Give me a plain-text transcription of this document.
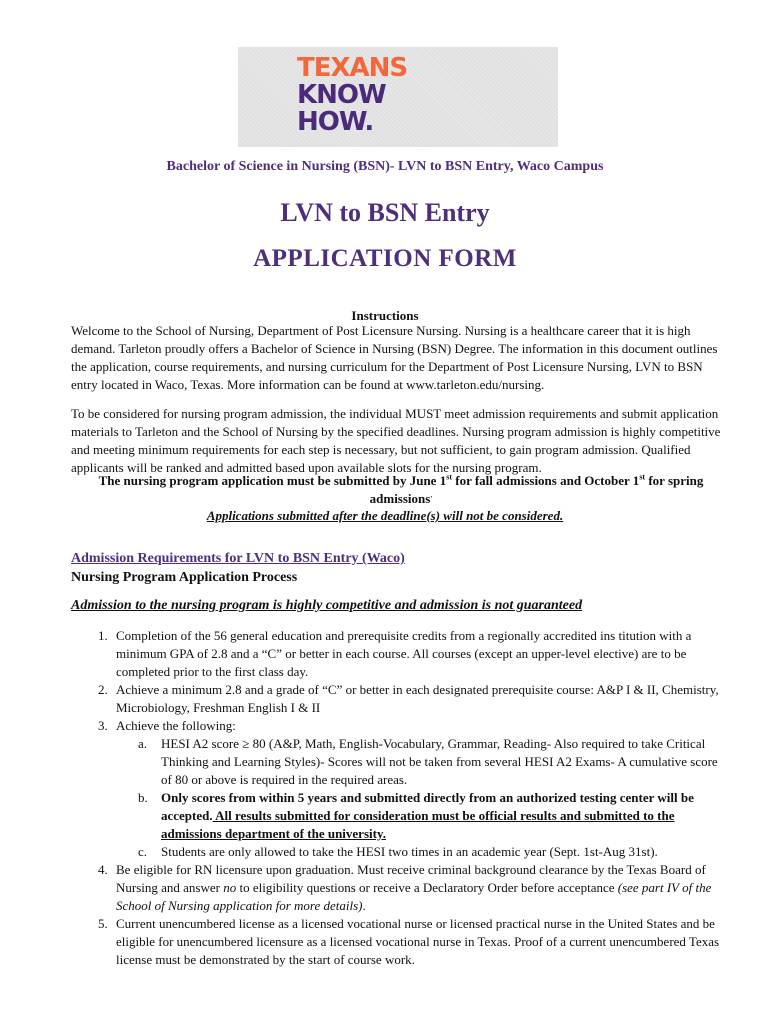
TEXANS
KNOW
HOW.
Bachelor of Science in Nursing (BSN)- LVN to BSN Entry, Waco Campus
LVN to BSN Entry
APPLICATION FORM
Instructions

Welcome to the School of Nursing, Department of Post Licensure Nursing. Nursing is a healthcare career that it is high demand. Tarleton proudly offers a Bachelor of Science in Nursing (BSN) Degree. The information in this document outlines the application, course requirements, and nursing curriculum for the Department of Post Licensure Nursing, LVN to BSN entry located in Waco, Texas. More information can be found at www.tarleton.edu/nursing.

To be considered for nursing program admission, the individual MUST meet admission requirements and submit application materials to Tarleton and the School of Nursing by the specified deadlines. Nursing program admission is highly competitive and meeting minimum requirements for each step is necessary, but not sufficient, to gain program admission. Qualified applicants will be ranked and admitted based upon available slots for the nursing program.

The nursing program application must be submitted by June 1st for fall admissions and October 1st for spring admissions.
Applications submitted after the deadline(s) will not be considered.
Admission Requirements for LVN to BSN Entry (Waco)
Nursing Program Application Process
Admission to the nursing program is highly competitive and admission is not guaranteed
1. Completion of the 56 general education and prerequisite credits from a regionally accredited ins titution with a minimum GPA of 2.8 and a “C” or better in each course. All courses (except an upper-level elective) are to be completed prior to the first class day.
2. Achieve a minimum 2.8 and a grade of “C” or better in each designated prerequisite course: A&P I & II, Chemistry, Microbiology, Freshman English I & II
3. Achieve the following:
a. HESI A2 score ≥ 80 (A&P, Math, English-Vocabulary, Grammar, Reading- Also required to take Critical Thinking and Learning Styles)- Scores will not be taken from several HESI A2 Exams- A cumulative score of 80 or above is required in the required areas.
b. Only scores from within 5 years and submitted directly from an authorized testing center will be accepted. All results submitted for consideration must be official results and submitted to the admissions department of the university.
c. Students are only allowed to take the HESI two times in an academic year (Sept. 1st-Aug 31st).
4. Be eligible for RN licensure upon graduation. Must receive criminal background clearance by the Texas Board of Nursing and answer no to eligibility questions or receive a Declaratory Order before acceptance (see part IV of the School of Nursing application for more details).
5. Current unencumbered license as a licensed vocational nurse or licensed practical nurse in the United States and be eligible for unencumbered licensure as a licensed vocational nurse in Texas. Proof of a current unencumbered Texas license must be demonstrated by the start of course work.
